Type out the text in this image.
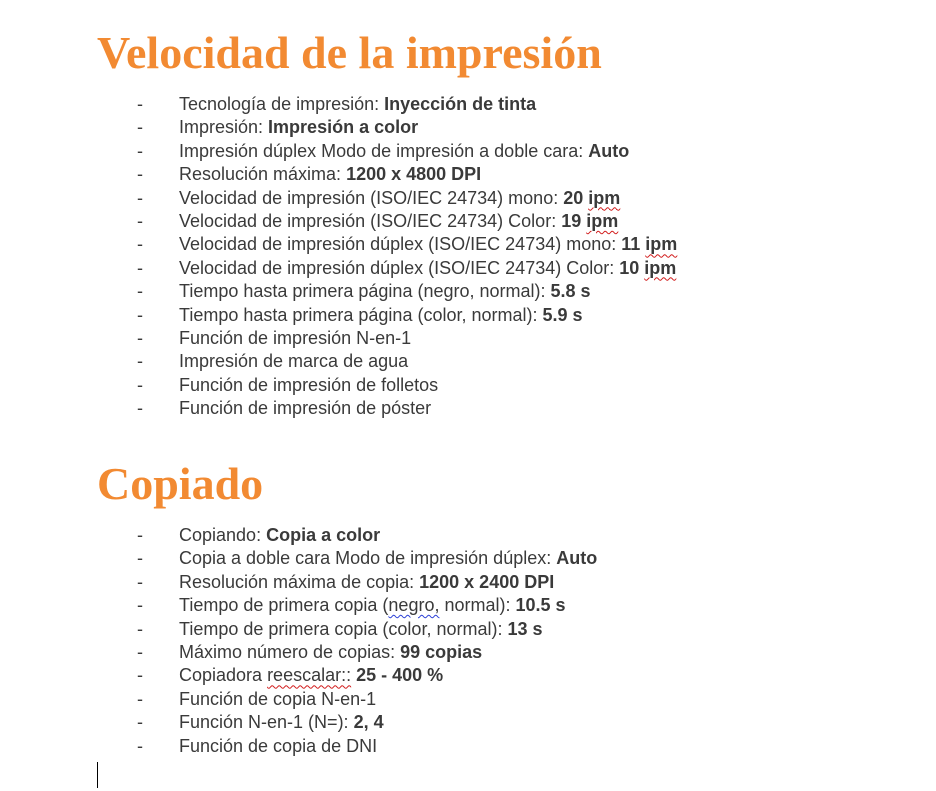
Velocidad de la impresión
- Tecnología de impresión: Inyección de tinta
- Impresión: Impresión a color
- Impresión dúplex Modo de impresión a doble cara: Auto
- Resolución máxima: 1200 x 4800 DPI
- Velocidad de impresión (ISO/IEC 24734) mono: 20 ipm
- Velocidad de impresión (ISO/IEC 24734) Color: 19 ipm
- Velocidad de impresión dúplex (ISO/IEC 24734) mono: 11 ipm
- Velocidad de impresión dúplex (ISO/IEC 24734) Color: 10 ipm
- Tiempo hasta primera página (negro, normal): 5.8 s
- Tiempo hasta primera página (color, normal): 5.9 s
- Función de impresión N-en-1
- Impresión de marca de agua
- Función de impresión de folletos
- Función de impresión de póster
Copiado
- Copiando: Copia a color
- Copia a doble cara Modo de impresión dúplex: Auto
- Resolución máxima de copia: 1200 x 2400 DPI
- Tiempo de primera copia (negro, normal): 10.5 s
- Tiempo de primera copia (color, normal): 13 s
- Máximo número de copias: 99 copias
- Copiadora reescalar:: 25 - 400 %
- Función de copia N-en-1
- Función N-en-1 (N=): 2, 4
- Función de copia de DNI
